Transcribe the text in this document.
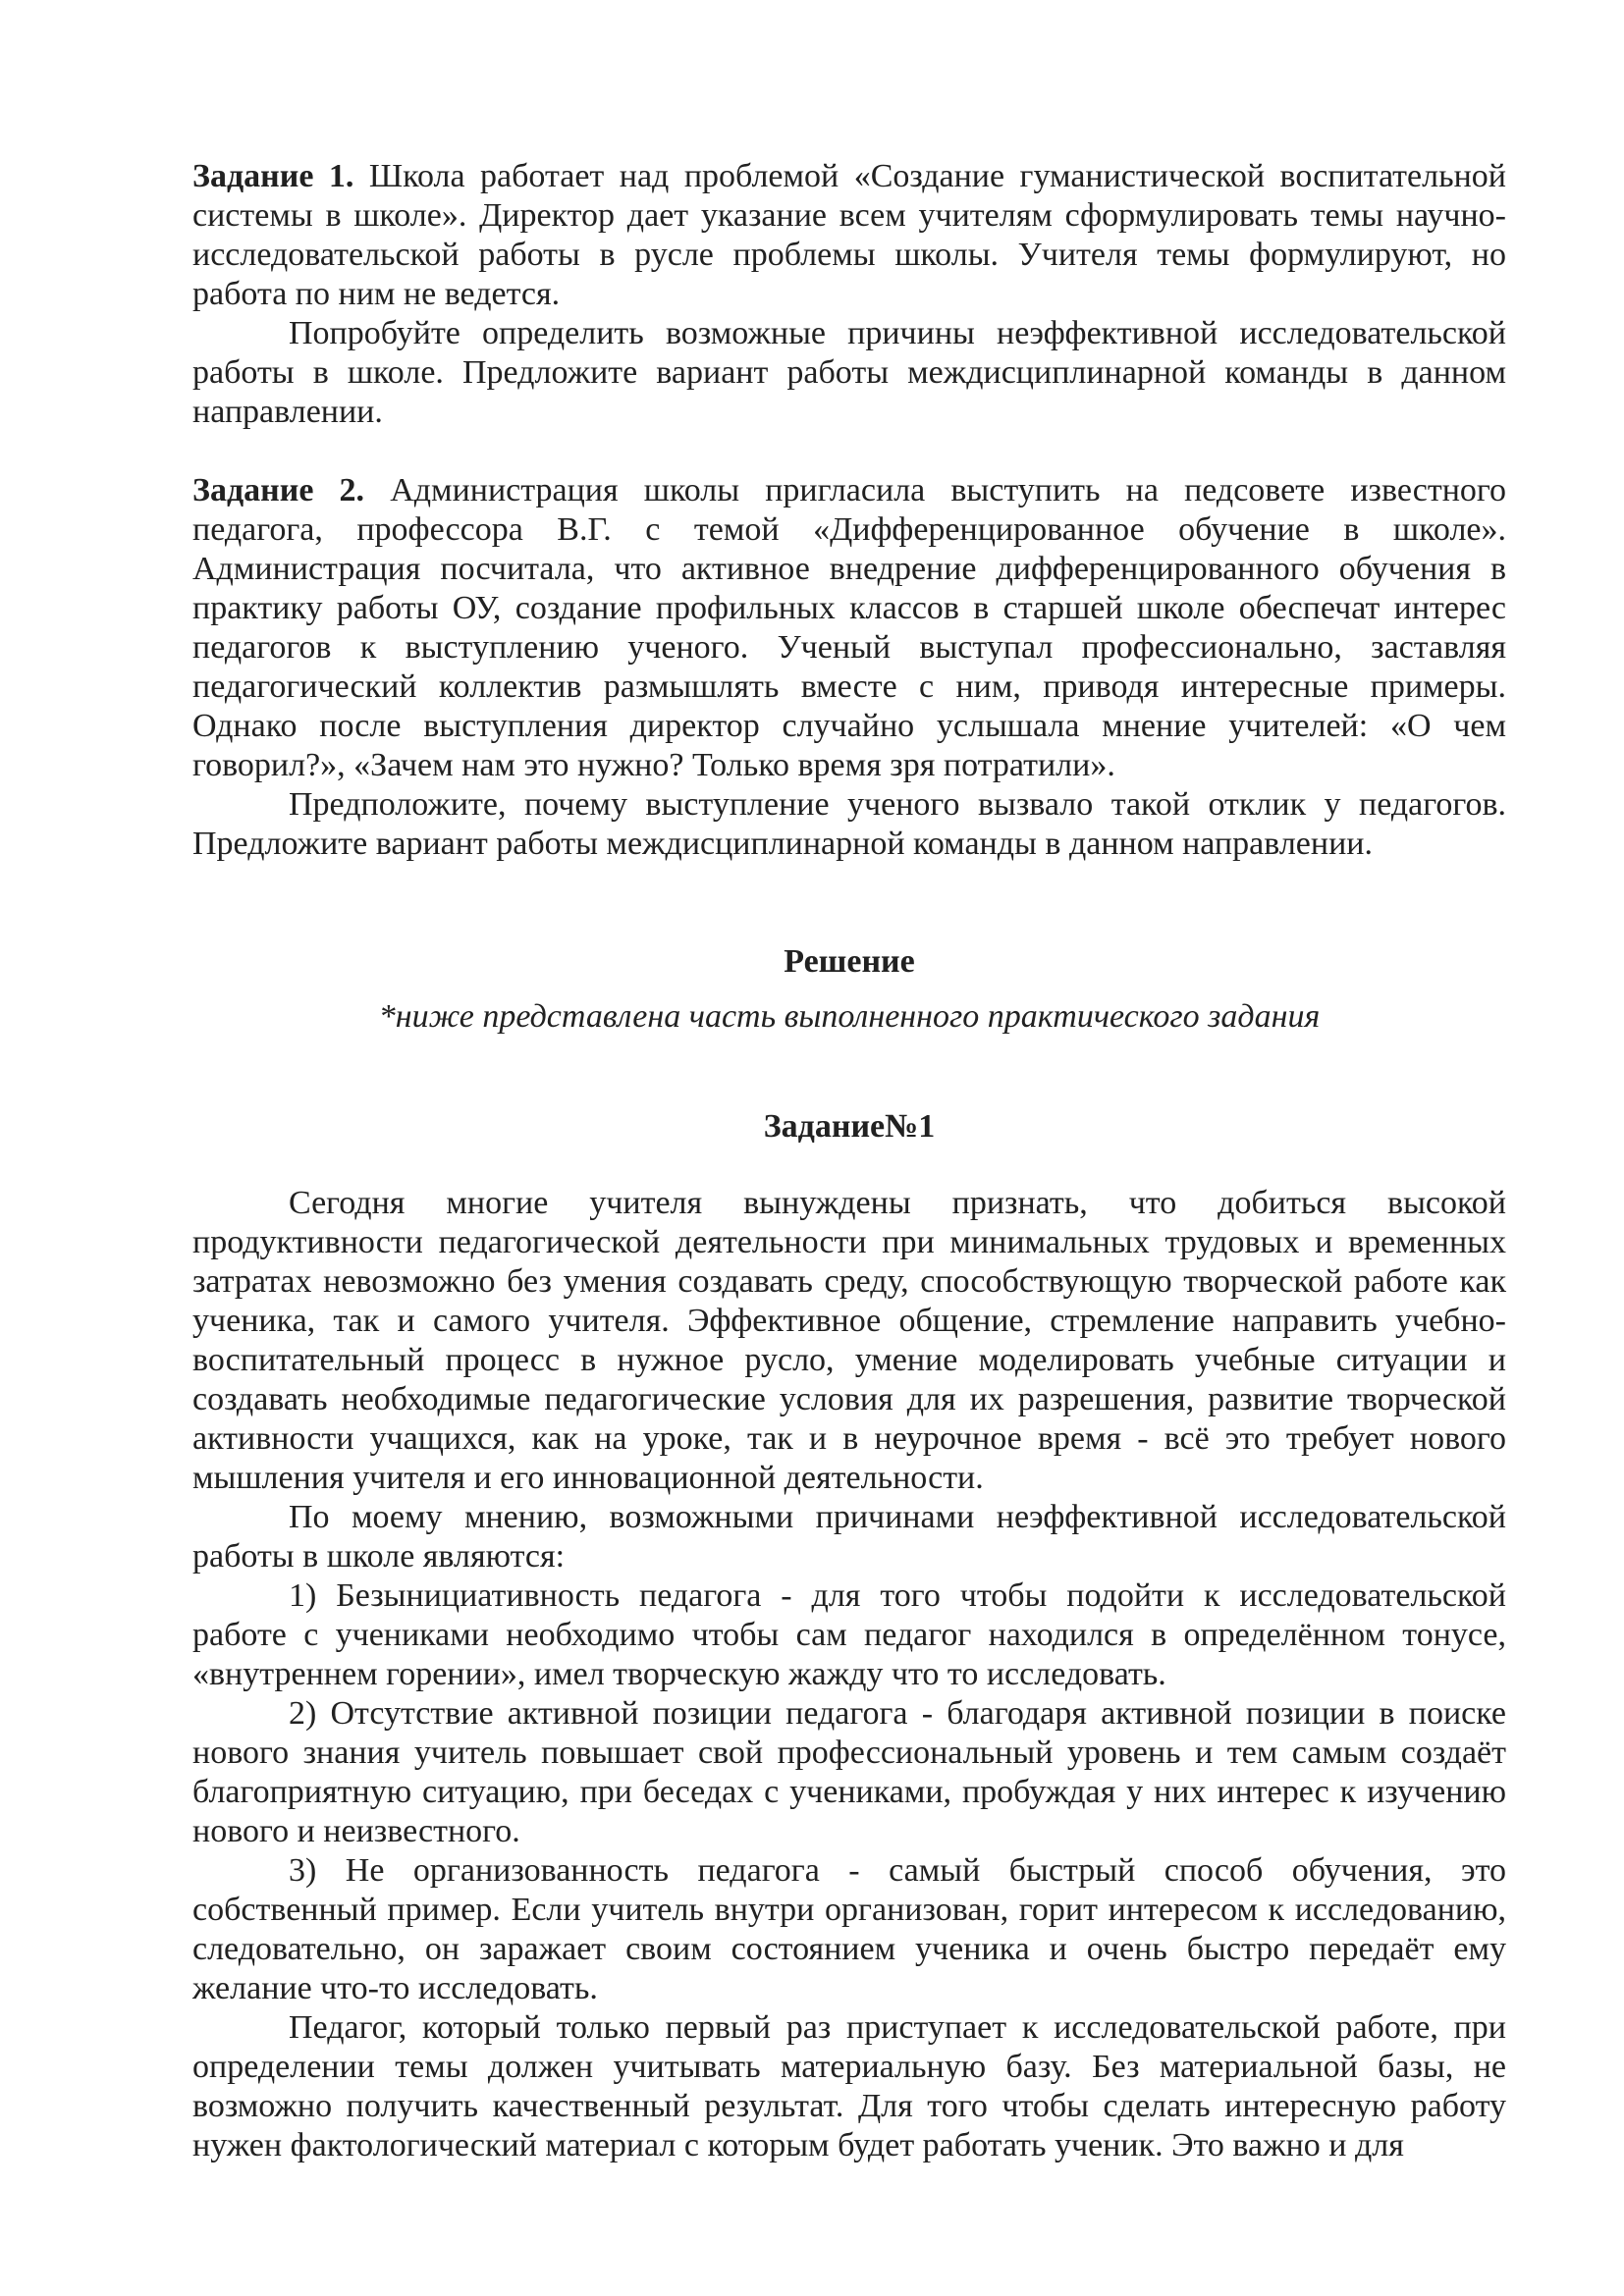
Задание 1. Школа работает над проблемой «Создание гуманистической воспитательной системы в школе». Директор дает указание всем учителям сформулировать темы научно-исследовательской работы в русле проблемы школы. Учителя темы формулируют, но работа по ним не ведется.

Попробуйте определить возможные причины неэффективной исследовательской работы в школе. Предложите вариант работы междисциплинарной команды в данном направлении.

Задание 2. Администрация школы пригласила выступить на педсовете известного педагога, профессора В.Г. с темой «Дифференцированное обучение в школе». Администрация посчитала, что активное внедрение дифференцированного обучения в практику работы ОУ, создание профильных классов в старшей школе обеспечат интерес педагогов к выступлению ученого. Ученый выступал профессионально, заставляя педагогический коллектив размышлять вместе с ним, приводя интересные примеры. Однако после выступления директор случайно услышала мнение учителей: «О чем говорил?», «Зачем нам это нужно? Только время зря потратили».

Предположите, почему выступление ученого вызвало такой отклик у педагогов. Предложите вариант работы междисциплинарной команды в данном направлении.

Решение

*ниже представлена часть выполненного практического задания

Задание№1

Сегодня многие учителя вынуждены признать, что добиться высокой продуктивности педагогической деятельности при минимальных трудовых и временных затратах невозможно без умения создавать среду, способствующую творческой работе как ученика, так и самого учителя. Эффективное общение, стремление направить учебно-воспитательный процесс в нужное русло, умение моделировать учебные ситуации и создавать необходимые педагогические условия для их разрешения, развитие творческой активности учащихся, как на уроке, так и в неурочное время - всё это требует нового мышления учителя и его инновационной деятельности.

По моему мнению, возможными причинами неэффективной исследовательской работы в школе являются:

1) Безынициативность педагога - для того чтобы подойти к исследовательской работе с учениками необходимо чтобы сам педагог находился в определённом тонусе, «внутреннем горении», имел творческую жажду что то исследовать.

2) Отсутствие активной позиции педагога - благодаря активной позиции в поиске нового знания учитель повышает свой профессиональный уровень и тем самым создаёт благоприятную ситуацию, при беседах с учениками, пробуждая у них интерес к изучению нового и неизвестного.

3) Не организованность педагога - самый быстрый способ обучения, это собственный пример. Если учитель внутри организован, горит интересом к исследованию, следовательно, он заражает своим состоянием ученика и очень быстро передаёт ему желание что-то исследовать.

Педагог, который только первый раз приступает к исследовательской работе, при определении темы должен учитывать материальную базу. Без материальной базы, не возможно получить качественный результат. Для того чтобы сделать интересную работу нужен фактологический материал с которым будет работать ученик. Это важно и для
